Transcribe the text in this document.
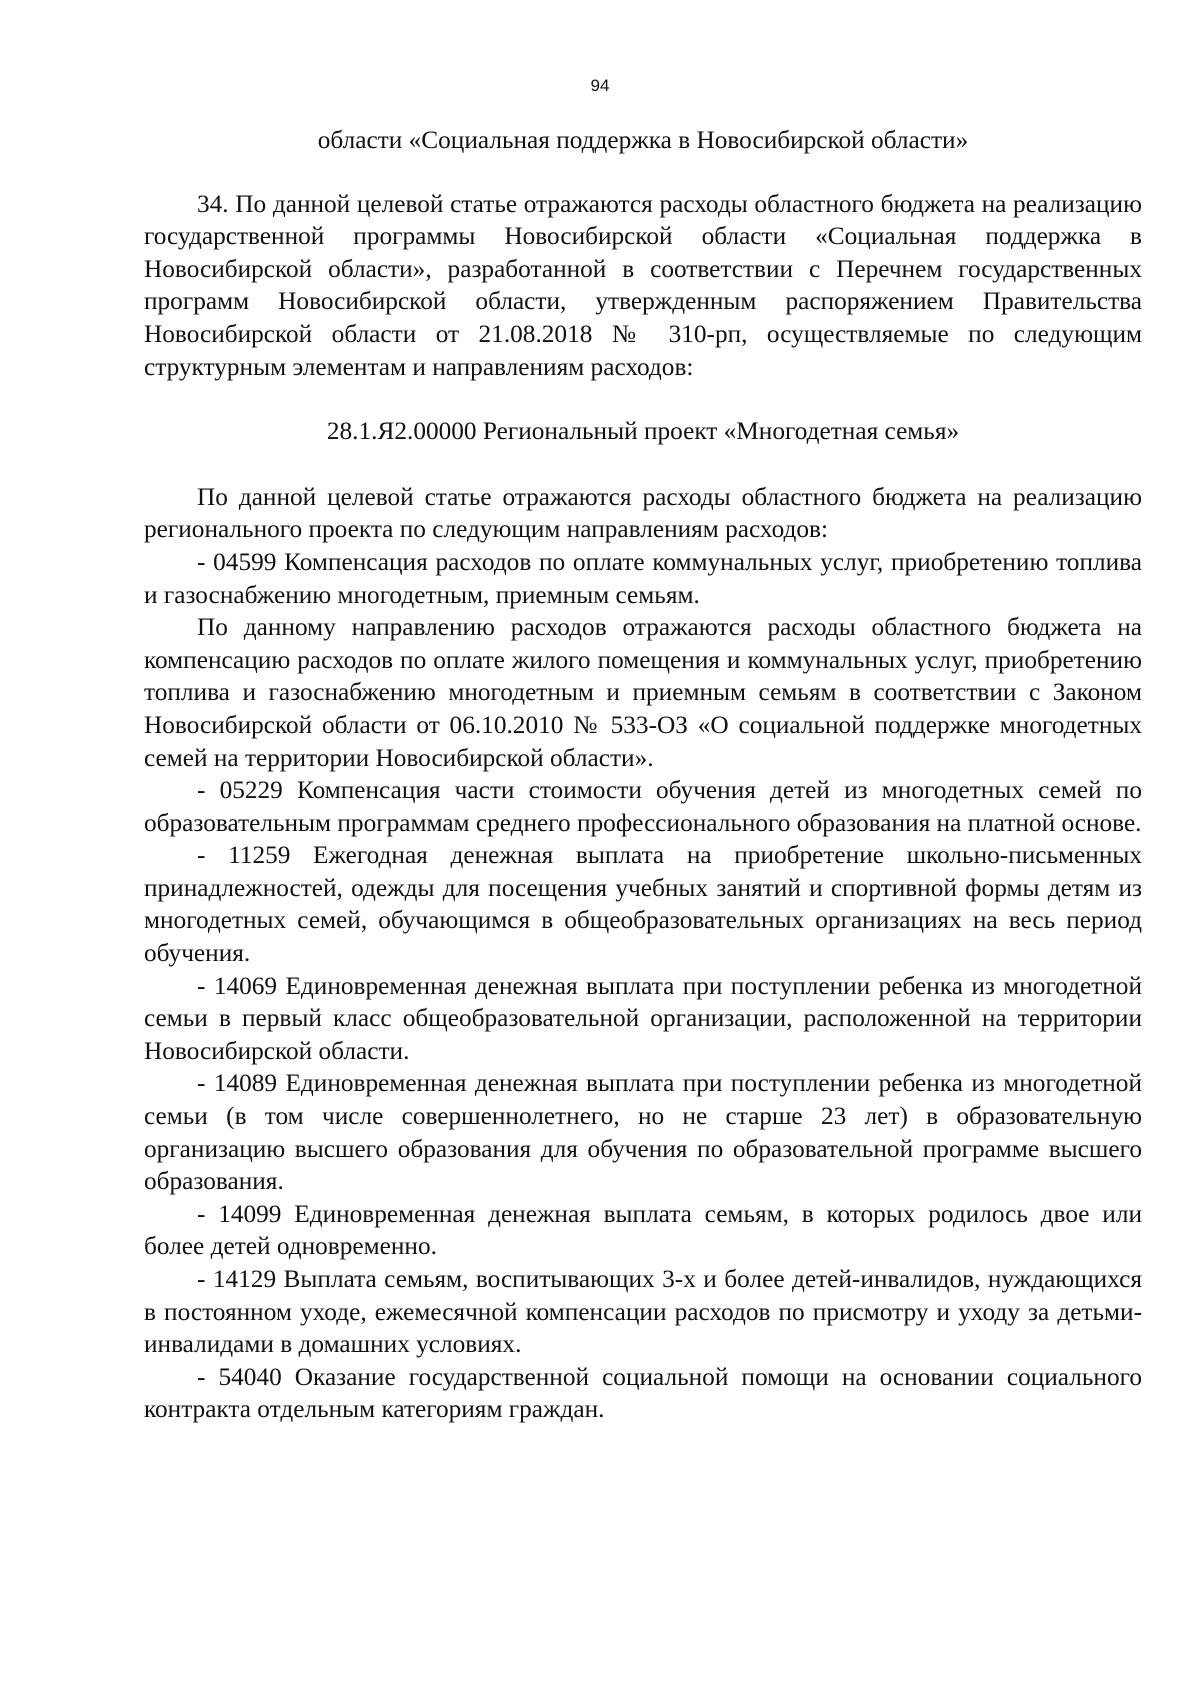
94

области «Социальная поддержка в Новосибирской области»

34. По данной целевой статье отражаются расходы областного бюджета на реализацию государственной программы Новосибирской области «Социальная поддержка в Новосибирской области», разработанной в соответствии с Перечнем государственных программ Новосибирской области, утвержденным распоряжением Правительства Новосибирской области от 21.08.2018 № 310-рп, осуществляемые по следующим структурным элементам и направлениям расходов:

28.1.Я2.00000 Региональный проект «Многодетная семья»

По данной целевой статье отражаются расходы областного бюджета на реализацию регионального проекта по следующим направлениям расходов:

- 04599 Компенсация расходов по оплате коммунальных услуг, приобретению топлива и газоснабжению многодетным, приемным семьям.

По данному направлению расходов отражаются расходы областного бюджета на компенсацию расходов по оплате жилого помещения и коммунальных услуг, приобретению топлива и газоснабжению многодетным и приемным семьям в соответствии с Законом Новосибирской области от 06.10.2010 № 533-ОЗ «О социальной поддержке многодетных семей на территории Новосибирской области».

- 05229 Компенсация части стоимости обучения детей из многодетных семей по образовательным программам среднего профессионального образования на платной основе.

- 11259 Ежегодная денежная выплата на приобретение школьно-письменных принадлежностей, одежды для посещения учебных занятий и спортивной формы детям из многодетных семей, обучающимся в общеобразовательных организациях на весь период обучения.

- 14069 Единовременная денежная выплата при поступлении ребенка из многодетной семьи в первый класс общеобразовательной организации, расположенной на территории Новосибирской области.

- 14089 Единовременная денежная выплата при поступлении ребенка из многодетной семьи (в том числе совершеннолетнего, но не старше 23 лет) в образовательную организацию высшего образования для обучения по образовательной программе высшего образования.

- 14099 Единовременная денежная выплата семьям, в которых родилось двое или более детей одновременно.

- 14129 Выплата семьям, воспитывающих 3-х и более детей-инвалидов, нуждающихся в постоянном уходе, ежемесячной компенсации расходов по присмотру и уходу за детьми-инвалидами в домашних условиях.

- 54040 Оказание государственной социальной помощи на основании социального контракта отдельным категориям граждан.
